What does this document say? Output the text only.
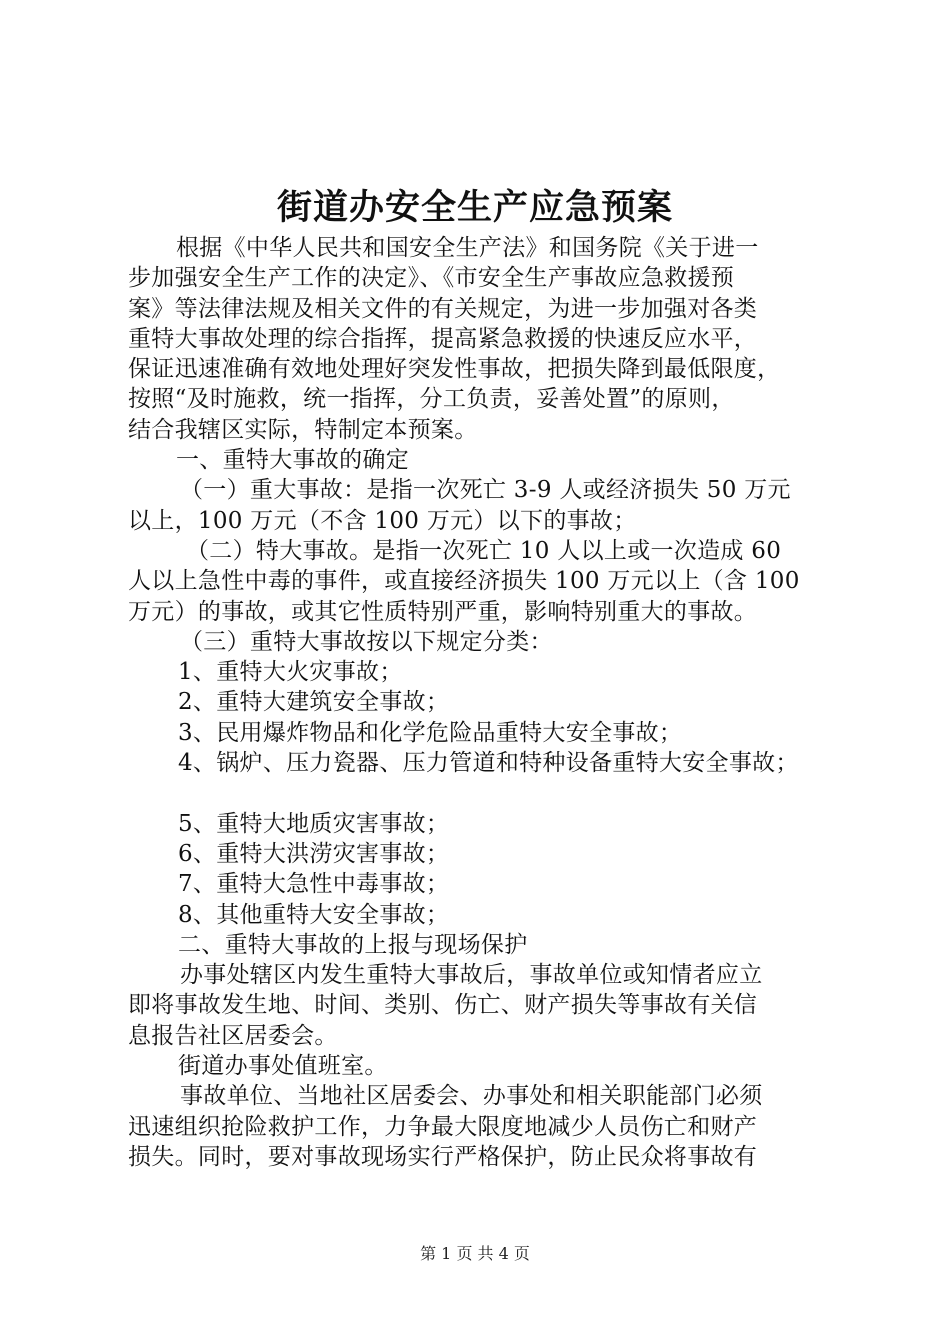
街道办安全生产应急预案
根据《中华人民共和国安全生产法》和国务院《关于进一
步加强安全生产工作的决定》、《市安全生产事故应急救援预
案》等法律法规及相关文件的有关规定，为进一步加强对各类
重特大事故处理的综合指挥，提高紧急救援的快速反应水平，
保证迅速准确有效地处理好突发性事故，把损失降到最低限度，
按照“及时施救，统一指挥，分工负责，妥善处置”的原则，
结合我辖区实际，特制定本预案。
一、重特大事故的确定
（一）重大事故：是指一次死亡 3-9 人或经济损失 50 万元
以上，100 万元（不含 100 万元）以下的事故；
（二）特大事故。是指一次死亡 10 人以上或一次造成 60
人以上急性中毒的事件，或直接经济损失 100 万元以上（含 100
万元）的事故，或其它性质特别严重，影响特别重大的事故。
（三）重特大事故按以下规定分类：
1、重特大火灾事故；
2、重特大建筑安全事故；
3、民用爆炸物品和化学危险品重特大安全事故；
4、锅炉、压力瓷器、压力管道和特种设备重特大安全事故；
5、重特大地质灾害事故；
6、重特大洪涝灾害事故；
7、重特大急性中毒事故；
8、其他重特大安全事故；
二、重特大事故的上报与现场保护
办事处辖区内发生重特大事故后，事故单位或知情者应立
即将事故发生地、时间、类别、伤亡、财产损失等事故有关信
息报告社区居委会。
街道办事处值班室。
事故单位、当地社区居委会、办事处和相关职能部门必须
迅速组织抢险救护工作，力争最大限度地减少人员伤亡和财产
损失。同时，要对事故现场实行严格保护，防止民众将事故有
第 1 页 共 4 页
